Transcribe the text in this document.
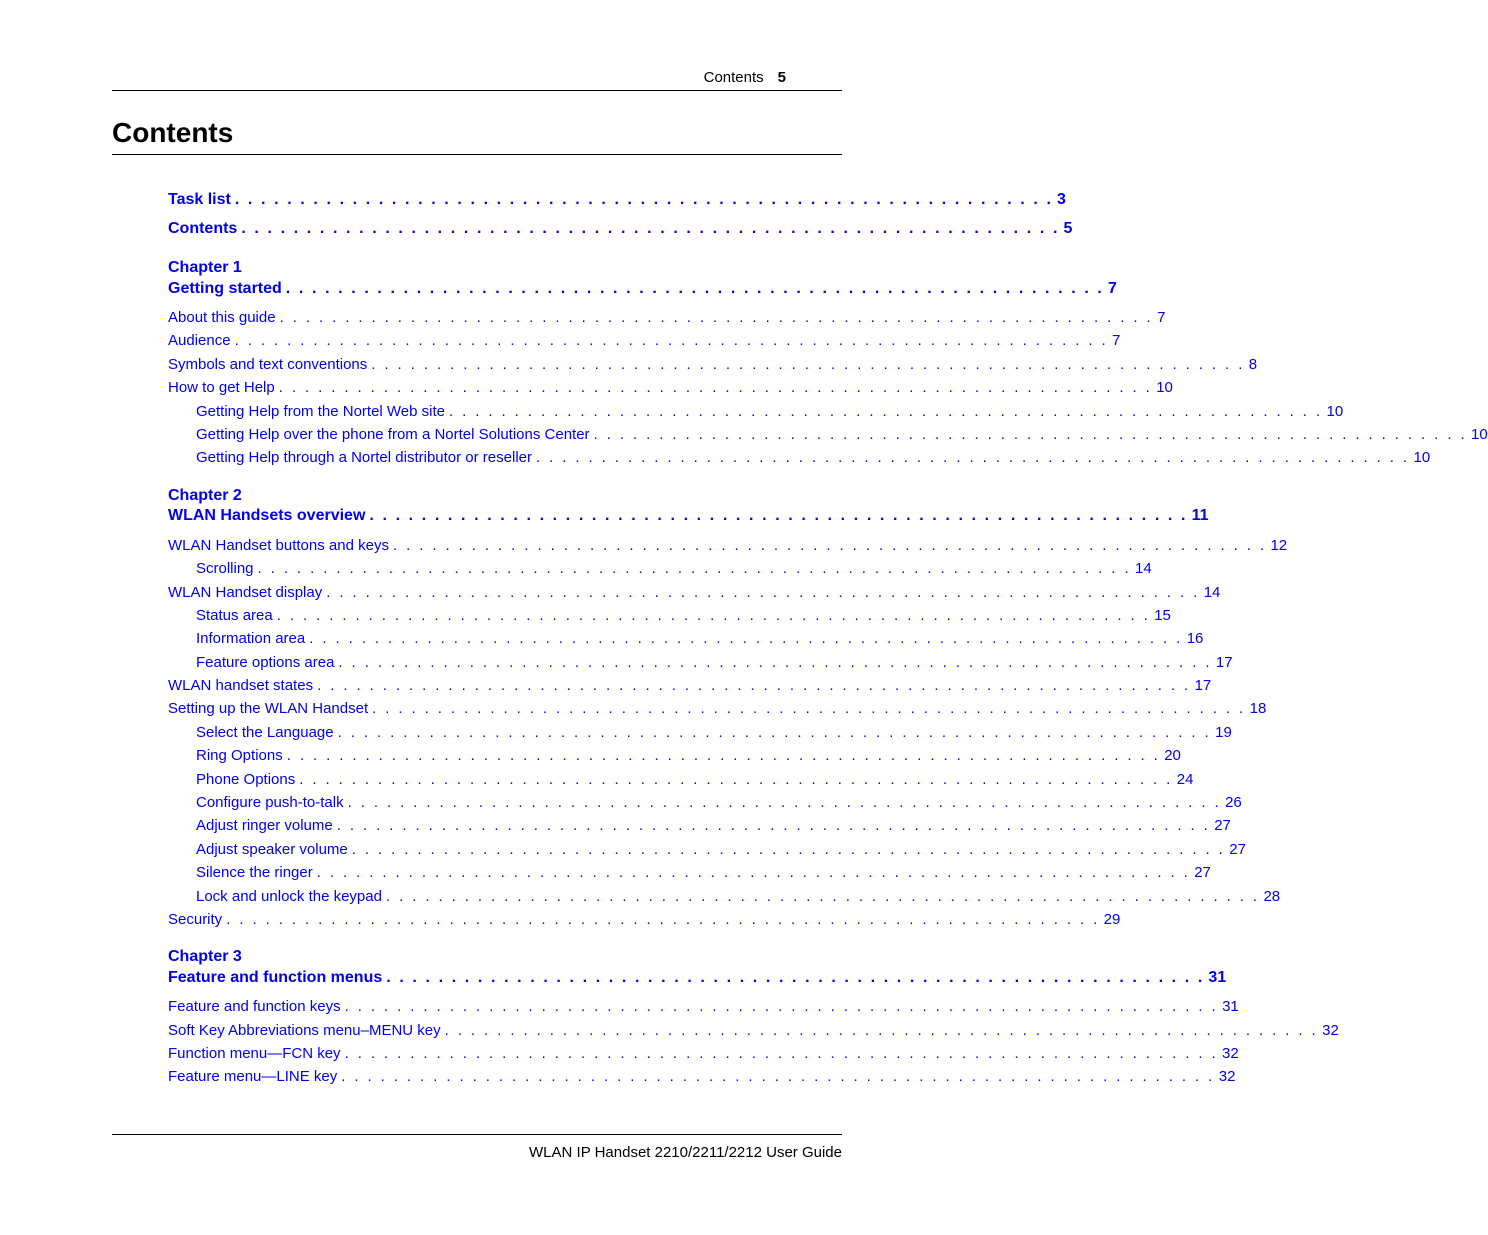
Contents 5
Contents
Task list . . . . . . . . . . . . . . . . . . . . . . . . . . . . . . . . . . . . . . . . . . . . . . . . . . . . . . . . . . . . . . . 3
Contents . . . . . . . . . . . . . . . . . . . . . . . . . . . . . . . . . . . . . . . . . . . . . . . . . . . . . . . . . . . . . . . 5
Chapter 1
Getting started . . . . . . . . . . . . . . . . . . . . . . . . . . . . . . . . . . . . . . . . . . . . . . . . . . . . . . . . . . . . . . . 7
About this guide . . . . . . . . . . . . . . . . . . . . . . . . . . . . . . . . . . . . . . . . . . . . . . . . . . . . . . . . . . . . . . . . . . . 7
Audience . . . . . . . . . . . . . . . . . . . . . . . . . . . . . . . . . . . . . . . . . . . . . . . . . . . . . . . . . . . . . . . . . . . 7
Symbols and text conventions . . . . . . . . . . . . . . . . . . . . . . . . . . . . . . . . . . . . . . . . . . . . . . . . . . . . . . . . . . . . . . . . . . . 8
How to get Help . . . . . . . . . . . . . . . . . . . . . . . . . . . . . . . . . . . . . . . . . . . . . . . . . . . . . . . . . . . . . . . . . . . 10
Getting Help from the Nortel Web site . . . . . . . . . . . . . . . . . . . . . . . . . . . . . . . . . . . . . . . . . . . . . . . . . . . . . . . . . . . . . . . . . . . 10
Getting Help over the phone from a Nortel Solutions Center . . . . . . . . . . . . . . . . . . . . . . . . . . . . . . . . . . . . . . . . . . . . . . . . . . . . . . . . . . . . . . . . . . . 10
Getting Help through a Nortel distributor or reseller . . . . . . . . . . . . . . . . . . . . . . . . . . . . . . . . . . . . . . . . . . . . . . . . . . . . . . . . . . . . . . . . . . . 10
Chapter 2
WLAN Handsets overview . . . . . . . . . . . . . . . . . . . . . . . . . . . . . . . . . . . . . . . . . . . . . . . . . . . . . . . . . . . . . . . 11
WLAN Handset buttons and keys . . . . . . . . . . . . . . . . . . . . . . . . . . . . . . . . . . . . . . . . . . . . . . . . . . . . . . . . . . . . . . . . . . . 12
Scrolling . . . . . . . . . . . . . . . . . . . . . . . . . . . . . . . . . . . . . . . . . . . . . . . . . . . . . . . . . . . . . . . . . . . 14
WLAN Handset display . . . . . . . . . . . . . . . . . . . . . . . . . . . . . . . . . . . . . . . . . . . . . . . . . . . . . . . . . . . . . . . . . . . 14
Status area . . . . . . . . . . . . . . . . . . . . . . . . . . . . . . . . . . . . . . . . . . . . . . . . . . . . . . . . . . . . . . . . . . . 15
Information area . . . . . . . . . . . . . . . . . . . . . . . . . . . . . . . . . . . . . . . . . . . . . . . . . . . . . . . . . . . . . . . . . . . 16
Feature options area . . . . . . . . . . . . . . . . . . . . . . . . . . . . . . . . . . . . . . . . . . . . . . . . . . . . . . . . . . . . . . . . . . . 17
WLAN handset states . . . . . . . . . . . . . . . . . . . . . . . . . . . . . . . . . . . . . . . . . . . . . . . . . . . . . . . . . . . . . . . . . . . 17
Setting up the WLAN Handset . . . . . . . . . . . . . . . . . . . . . . . . . . . . . . . . . . . . . . . . . . . . . . . . . . . . . . . . . . . . . . . . . . . 18
Select the Language . . . . . . . . . . . . . . . . . . . . . . . . . . . . . . . . . . . . . . . . . . . . . . . . . . . . . . . . . . . . . . . . . . . 19
Ring Options . . . . . . . . . . . . . . . . . . . . . . . . . . . . . . . . . . . . . . . . . . . . . . . . . . . . . . . . . . . . . . . . . . . 20
Phone Options . . . . . . . . . . . . . . . . . . . . . . . . . . . . . . . . . . . . . . . . . . . . . . . . . . . . . . . . . . . . . . . . . . . 24
Configure push-to-talk . . . . . . . . . . . . . . . . . . . . . . . . . . . . . . . . . . . . . . . . . . . . . . . . . . . . . . . . . . . . . . . . . . . 26
Adjust ringer volume . . . . . . . . . . . . . . . . . . . . . . . . . . . . . . . . . . . . . . . . . . . . . . . . . . . . . . . . . . . . . . . . . . . 27
Adjust speaker volume . . . . . . . . . . . . . . . . . . . . . . . . . . . . . . . . . . . . . . . . . . . . . . . . . . . . . . . . . . . . . . . . . . . 27
Silence the ringer . . . . . . . . . . . . . . . . . . . . . . . . . . . . . . . . . . . . . . . . . . . . . . . . . . . . . . . . . . . . . . . . . . . 27
Lock and unlock the keypad . . . . . . . . . . . . . . . . . . . . . . . . . . . . . . . . . . . . . . . . . . . . . . . . . . . . . . . . . . . . . . . . . . . 28
Security . . . . . . . . . . . . . . . . . . . . . . . . . . . . . . . . . . . . . . . . . . . . . . . . . . . . . . . . . . . . . . . . . . . 29
Chapter 3
Feature and function menus . . . . . . . . . . . . . . . . . . . . . . . . . . . . . . . . . . . . . . . . . . . . . . . . . . . . . . . . . . . . . . . 31
Feature and function keys . . . . . . . . . . . . . . . . . . . . . . . . . . . . . . . . . . . . . . . . . . . . . . . . . . . . . . . . . . . . . . . . . . . 31
Soft Key Abbreviations menu–MENU key . . . . . . . . . . . . . . . . . . . . . . . . . . . . . . . . . . . . . . . . . . . . . . . . . . . . . . . . . . . . . . . . . . . 32
Function menu—FCN key . . . . . . . . . . . . . . . . . . . . . . . . . . . . . . . . . . . . . . . . . . . . . . . . . . . . . . . . . . . . . . . . . . . 32
Feature menu—LINE key . . . . . . . . . . . . . . . . . . . . . . . . . . . . . . . . . . . . . . . . . . . . . . . . . . . . . . . . . . . . . . . . . . . 32
WLAN IP Handset 2210/2211/2212 User Guide
